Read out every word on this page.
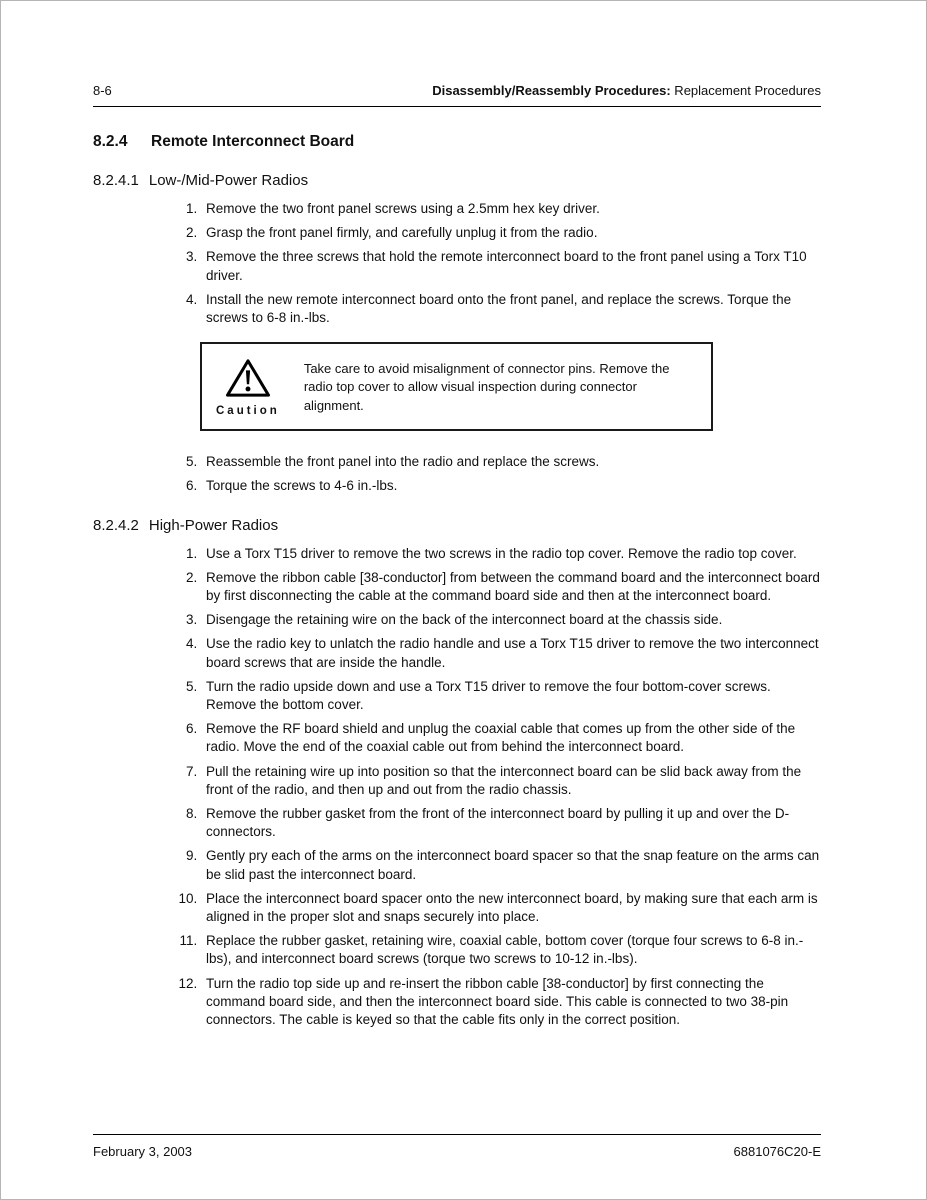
8-6	Disassembly/Reassembly Procedures: Replacement Procedures
8.2.4 Remote Interconnect Board
8.2.4.1 Low-/Mid-Power Radios
1. Remove the two front panel screws using a 2.5mm hex key driver.
2. Grasp the front panel firmly, and carefully unplug it from the radio.
3. Remove the three screws that hold the remote interconnect board to the front panel using a Torx T10 driver.
4. Install the new remote interconnect board onto the front panel, and replace the screws. Torque the screws to 6-8 in.-lbs.
Caution

Take care to avoid misalignment of connector pins. Remove the radio top cover to allow visual inspection during connector alignment.

5. Reassemble the front panel into the radio and replace the screws.
6. Torque the screws to 4-6 in.-lbs.
8.2.4.2 High-Power Radios
1. Use a Torx T15 driver to remove the two screws in the radio top cover. Remove the radio top cover.
2. Remove the ribbon cable [38-conductor] from between the command board and the interconnect board by first disconnecting the cable at the command board side and then at the interconnect board.
3. Disengage the retaining wire on the back of the interconnect board at the chassis side.
4. Use the radio key to unlatch the radio handle and use a Torx T15 driver to remove the two interconnect board screws that are inside the handle.
5. Turn the radio upside down and use a Torx T15 driver to remove the four bottom-cover screws. Remove the bottom cover.
6. Remove the RF board shield and unplug the coaxial cable that comes up from the other side of the radio. Move the end of the coaxial cable out from behind the interconnect board.
7. Pull the retaining wire up into position so that the interconnect board can be slid back away from the front of the radio, and then up and out from the radio chassis.
8. Remove the rubber gasket from the front of the interconnect board by pulling it up and over the D-connectors.
9. Gently pry each of the arms on the interconnect board spacer so that the snap feature on the arms can be slid past the interconnect board.
10. Place the interconnect board spacer onto the new interconnect board, by making sure that each arm is aligned in the proper slot and snaps securely into place.
11. Replace the rubber gasket, retaining wire, coaxial cable, bottom cover (torque four screws to 6-8 in.-lbs), and interconnect board screws (torque two screws to 10-12 in.-lbs).
12. Turn the radio top side up and re-insert the ribbon cable [38-conductor] by first connecting the command board side, and then the interconnect board side. This cable is connected to two 38-pin connectors. The cable is keyed so that the cable fits only in the correct position.
February 3, 2003	6881076C20-E
